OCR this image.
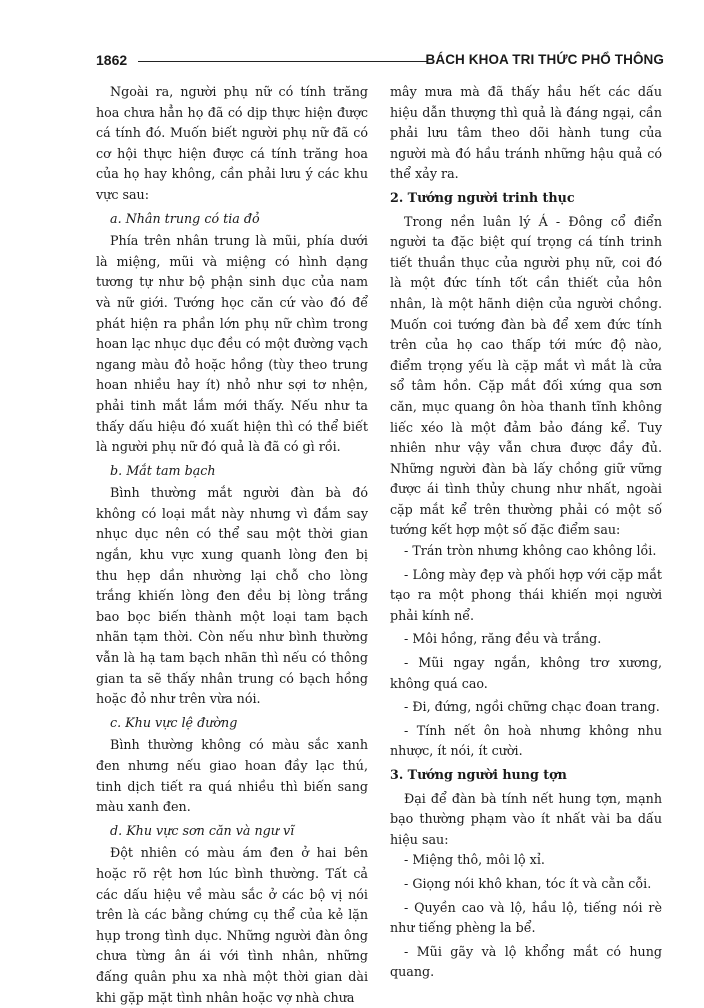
1862	BÁCH KHOA TRI THỨC PHỔ THÔNG

Ngoài ra, người phụ nữ có tính trăng hoa chưa hẳn họ đã có dịp thực hiện được cá tính đó. Muốn biết người phụ nữ đã có cơ hội thực hiện được cá tính trăng hoa của họ hay không, cần phải lưu ý các khu vực sau:

a. Nhân trung có tia đỏ

Phía trên nhân trung là mũi, phía dưới là miệng, mũi và miệng có hình dạng tương tự như bộ phận sinh dục của nam và nữ giới. Tướng học căn cứ vào đó để phát hiện ra phần lớn phụ nữ chìm trong hoan lạc nhục dục đều có một đường vạch ngang màu đỏ hoặc hồng (tùy theo trung hoan nhiều hay ít) nhỏ như sợi tơ nhện, phải tinh mắt lắm mới thấy. Nếu như ta thấy dấu hiệu đó xuất hiện thì có thể biết là người phụ nữ đó quả là đã có gì rồi.

b. Mắt tam bạch

Bình thường mắt người đàn bà đó không có loại mắt này nhưng vì đắm say nhục dục nên có thể sau một thời gian ngắn, khu vực xung quanh lòng đen bị thu hẹp dần nhường lại chỗ cho lòng trắng khiến lòng đen đều bị lòng trắng bao bọc biến thành một loại tam bạch nhãn tạm thời. Còn nếu như bình thường vẫn là hạ tam bạch nhãn thì nếu có thông gian ta sẽ thấy nhân trung có bạch hồng hoặc đỏ như trên vừa nói.

c. Khu vực lệ đường

Bình thường không có màu sắc xanh đen nhưng nếu giao hoan đầy lạc thú, tinh dịch tiết ra quá nhiều thì biến sang màu xanh đen.

d. Khu vực sơn căn và ngư vĩ

Đột nhiên có màu ám đen ở hai bên hoặc rõ rệt hơn lúc bình thường. Tất cả các dấu hiệu về màu sắc ở các bộ vị nói trên là các bằng chứng cụ thể của kẻ lặn hụp trong tình dục. Những người đàn ông chưa từng ân ái với tình nhân, những đấng quân phu xa nhà một thời gian dài khi gặp mặt tình nhân hoặc vợ nhà chưa

mây mưa mà đã thấy hầu hết các dấu hiệu dẫn thượng thì quả là đáng ngại, cần phải lưu tâm theo dõi hành tung của người mà đó hầu tránh những hậu quả có thể xảy ra.

2. Tướng người trinh thục

Trong nền luân lý Á - Đông cổ điển người ta đặc biệt quí trọng cá tính trinh tiết thuần thục của người phụ nữ, coi đó là một đức tính tốt cần thiết của hôn nhân, là một hãnh diện của người chồng. Muốn coi tướng đàn bà để xem đức tính trên của họ cao thấp tới mức độ nào, điểm trọng yếu là cặp mắt vì mắt là cửa sổ tâm hồn. Cặp mắt đối xứng qua sơn căn, mục quang ôn hòa thanh tĩnh không liếc xéo là một đảm bảo đáng kể. Tuy nhiên như vậy vẫn chưa được đầy đủ. Những người đàn bà lấy chồng giữ vững được ái tình thủy chung như nhất, ngoài cặp mắt kể trên thường phải có một số tướng kết hợp một số đặc điểm sau:

- Trán tròn nhưng không cao không lồi.

- Lông mày đẹp và phối hợp với cặp mắt tạo ra một phong thái khiến mọi người phải kính nể.

- Môi hồng, răng đều và trắng.

- Mũi ngay ngắn, không trơ xương, không quá cao.

- Đi, đứng, ngồi chững chạc đoan trang.

- Tính nết ôn hoà nhưng không nhu nhược, ít nói, ít cười.

3. Tướng người hung tợn

Đại để đàn bà tính nết hung tợn, mạnh bạo thường phạm vào ít nhất vài ba dấu hiệu sau:

- Miệng thô, môi lộ xỉ.

- Giọng nói khô khan, tóc ít và cằn cỗi.

- Quyền cao và lộ, hầu lộ, tiếng nói rè như tiếng phèng la bể.

- Mũi gãy và lộ khổng mắt có hung quang.
